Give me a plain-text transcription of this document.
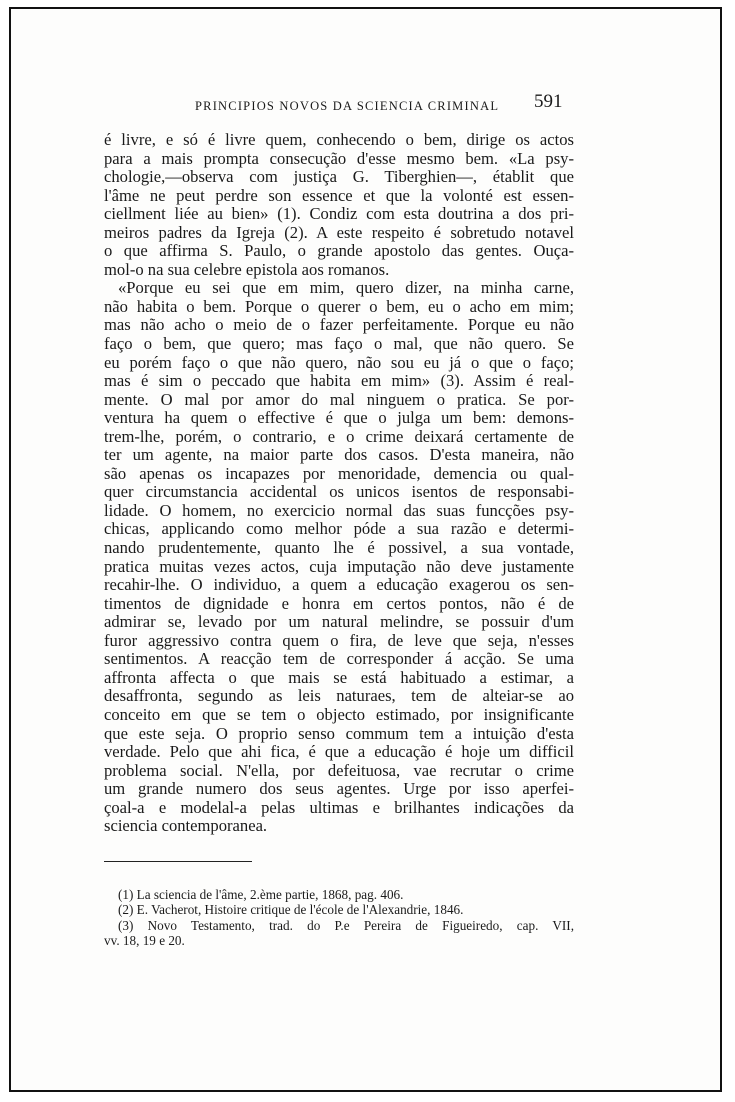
PRINCIPIOS NOVOS DA SCIENCIA CRIMINAL 591
é livre, e só é livre quem, conhecendo o bem, dirige os actos
para a mais prompta consecução d'esse mesmo bem. «La psy-
chologie,—observa com justiça G. Tiberghien—, établit que
l'âme ne peut perdre son essence et que la volonté est essen-
ciellment liée au bien» (1). Condiz com esta doutrina a dos pri-
meiros padres da Igreja (2). A este respeito é sobretudo notavel
o que affirma S. Paulo, o grande apostolo das gentes. Ouça-
mol-o na sua celebre epistola aos romanos.
«Porque eu sei que em mim, quero dizer, na minha carne,
não habita o bem. Porque o querer o bem, eu o acho em mim;
mas não acho o meio de o fazer perfeitamente. Porque eu não
faço o bem, que quero; mas faço o mal, que não quero. Se
eu porém faço o que não quero, não sou eu já o que o faço;
mas é sim o peccado que habita em mim» (3). Assim é real-
mente. O mal por amor do mal ninguem o pratica. Se por-
ventura ha quem o effective é que o julga um bem: demons-
trem-lhe, porém, o contrario, e o crime deixará certamente de
ter um agente, na maior parte dos casos. D'esta maneira, não
são apenas os incapazes por menoridade, demencia ou qual-
quer circumstancia accidental os unicos isentos de responsabi-
lidade. O homem, no exercicio normal das suas funcções psy-
chicas, applicando como melhor póde a sua razão e determi-
nando prudentemente, quanto lhe é possivel, a sua vontade,
pratica muitas vezes actos, cuja imputação não deve justamente
recahir-lhe. O individuo, a quem a educação exagerou os sen-
timentos de dignidade e honra em certos pontos, não é de
admirar se, levado por um natural melindre, se possuir d'um
furor aggressivo contra quem o fira, de leve que seja, n'esses
sentimentos. A reacção tem de corresponder á acção. Se uma
affronta affecta o que mais se está habituado a estimar, a
desaffronta, segundo as leis naturaes, tem de alteiar-se ao
conceito em que se tem o objecto estimado, por insignificante
que este seja. O proprio senso commum tem a intuição d'esta
verdade. Pelo que ahi fica, é que a educação é hoje um difficil
problema social. N'ella, por defeituosa, vae recrutar o crime
um grande numero dos seus agentes. Urge por isso aperfei-
çoal-a e modelal-a pelas ultimas e brilhantes indicações da
sciencia contemporanea.
(1) La sciencia de l'âme, 2.ème partie, 1868, pag. 406.
(2) E. Vacherot, Histoire critique de l'école de l'Alexandrie, 1846.
(3) Novo Testamento, trad. do P.e Pereira de Figueiredo, cap. VII,
vv. 18, 19 e 20.
